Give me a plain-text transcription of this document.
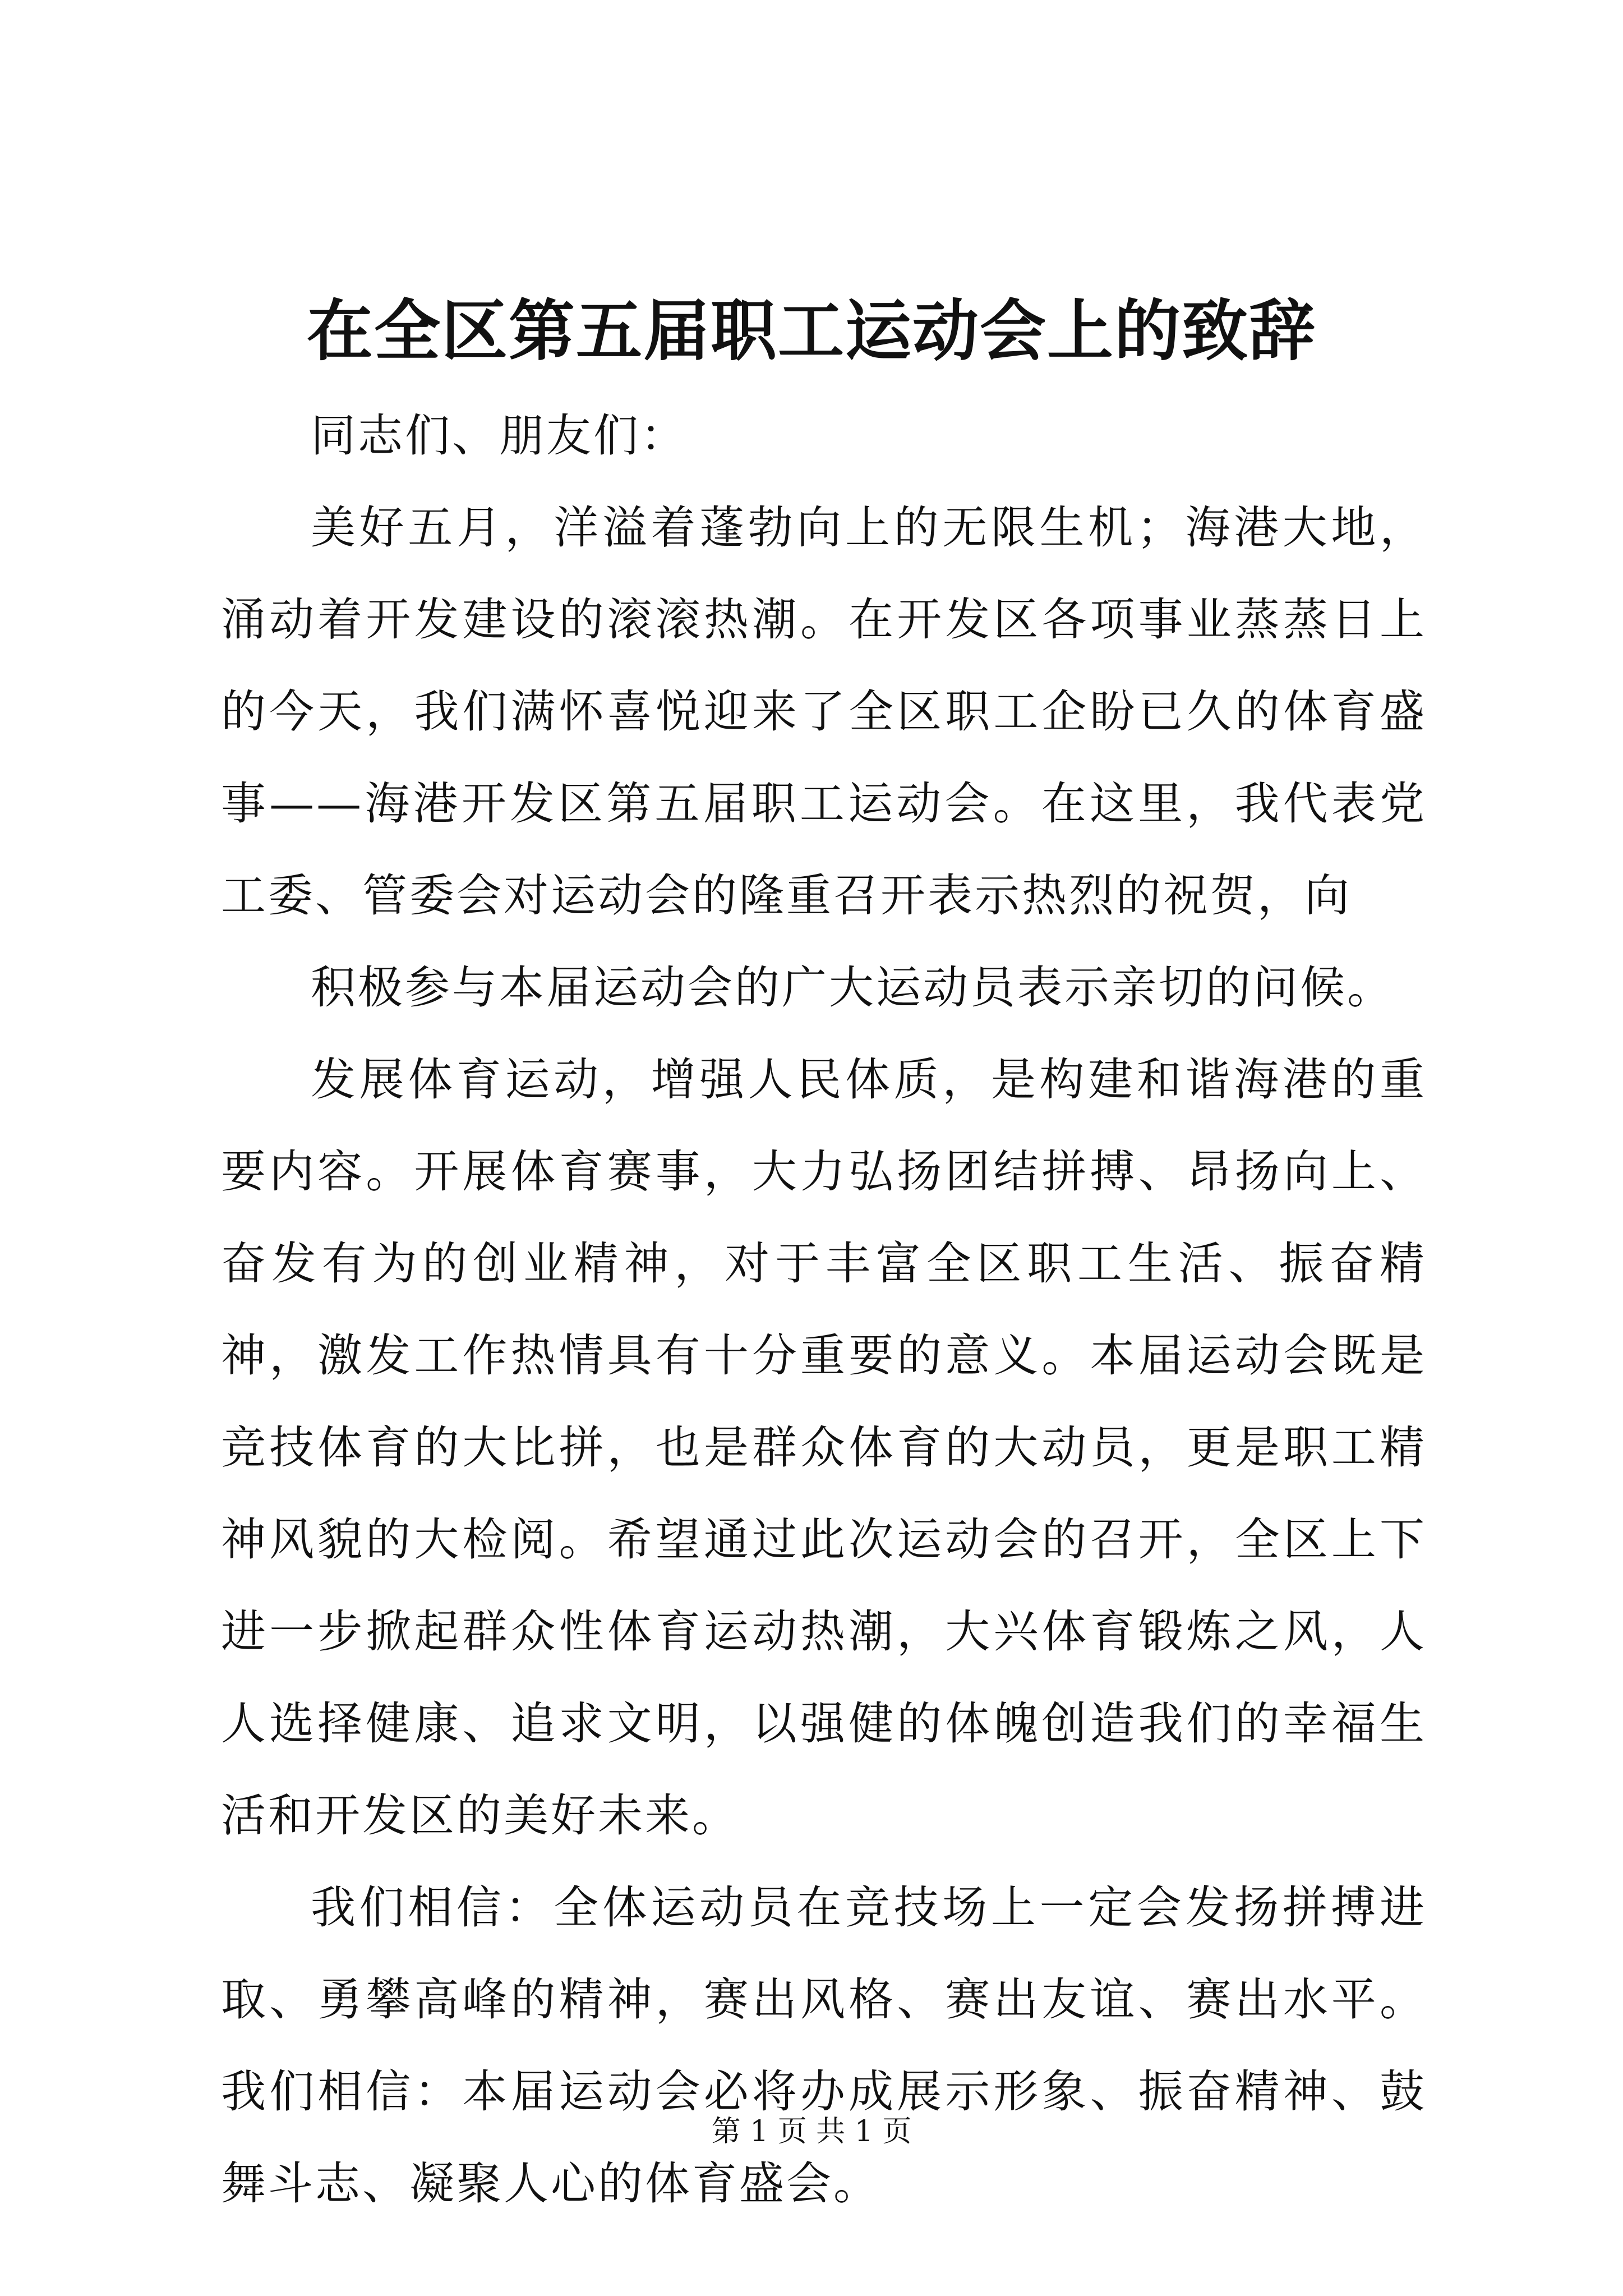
在全区第五届职工运动会上的致辞

同志们、朋友们：

美好五月，洋溢着蓬勃向上的无限生机；海港大地，涌动着开发建设的滚滚热潮。在开发区各项事业蒸蒸日上的今天，我们满怀喜悦迎来了全区职工企盼已久的体育盛事——海港开发区第五届职工运动会。在这里，我代表党工委、管委会对运动会的隆重召开表示热烈的祝贺，向

积极参与本届运动会的广大运动员表示亲切的问候。

发展体育运动，增强人民体质，是构建和谐海港的重要内容。开展体育赛事，大力弘扬团结拼搏、昂扬向上、奋发有为的创业精神，对于丰富全区职工生活、振奋精神，激发工作热情具有十分重要的意义。本届运动会既是竞技体育的大比拼，也是群众体育的大动员，更是职工精神风貌的大检阅。希望通过此次运动会的召开，全区上下进一步掀起群众性体育运动热潮，大兴体育锻炼之风，人人选择健康、追求文明，以强健的体魄创造我们的幸福生活和开发区的美好未来。

我们相信：全体运动员在竞技场上一定会发扬拼搏进取、勇攀高峰的精神，赛出风格、赛出友谊、赛出水平。我们相信：本届运动会必将办成展示形象、振奋精神、鼓舞斗志、凝聚人心的体育盛会。

第 1 页 共 1 页
